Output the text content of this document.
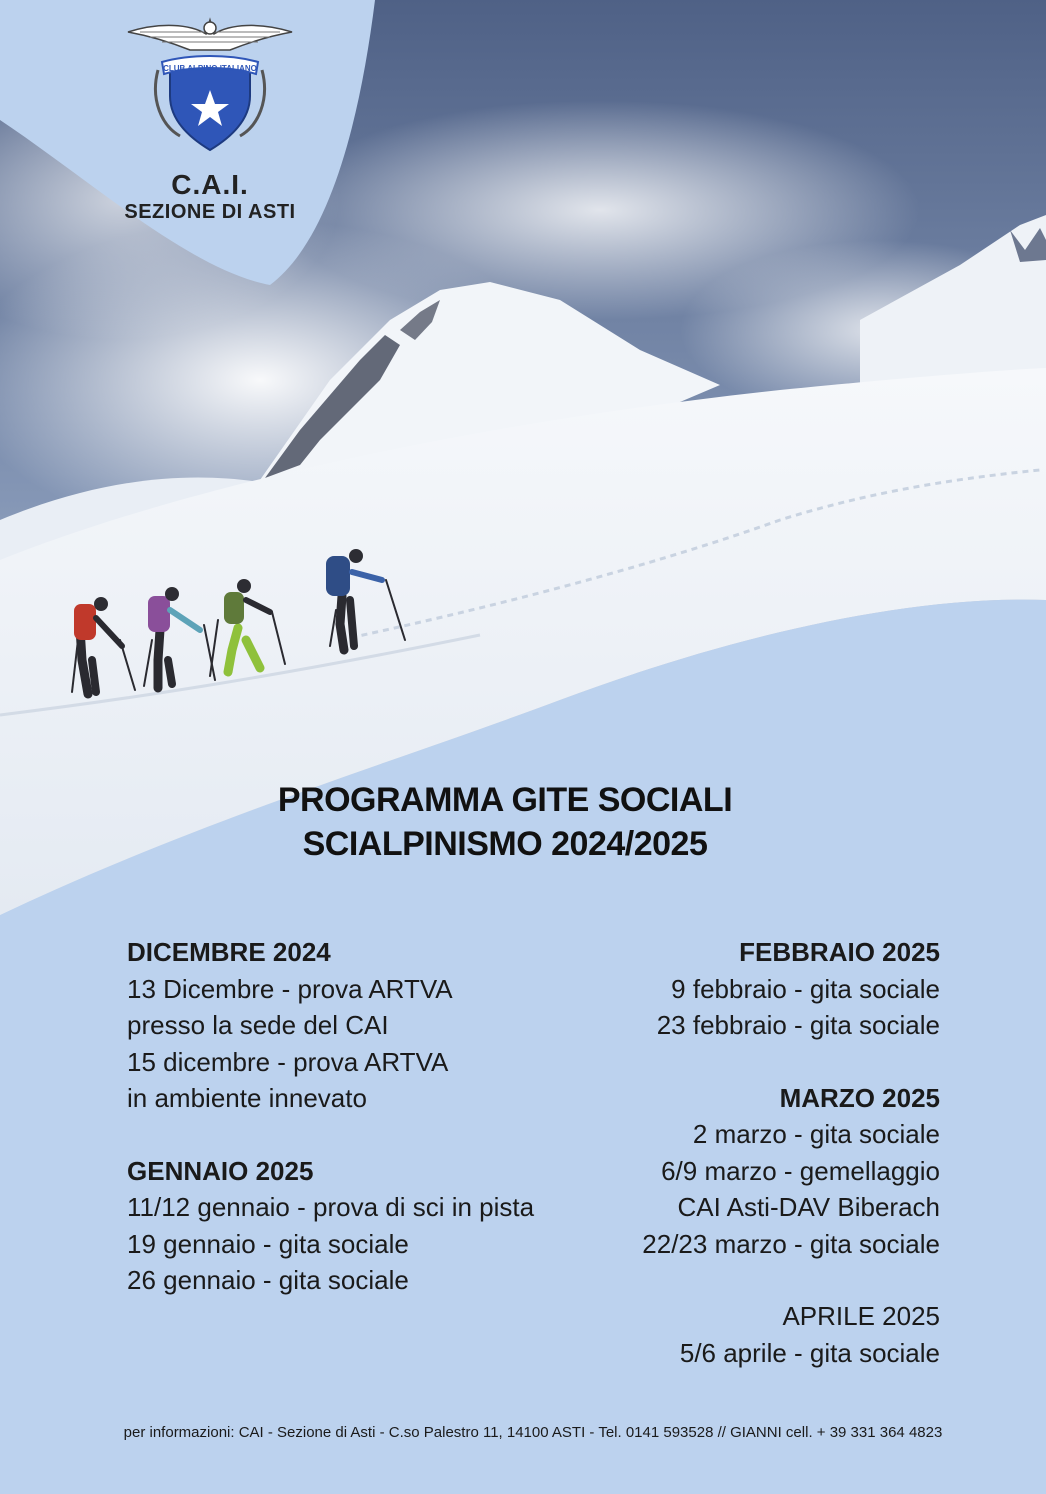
CLUB ALPINO ITALIANO
C.A.I.
SEZIONE DI ASTI
PROGRAMMA GITE SOCIALI
SCIALPINISMO 2024/2025
DICEMBRE 2024
13 Dicembre - prova ARTVA
presso la sede del CAI
15 dicembre - prova ARTVA
in ambiente innevato
GENNAIO 2025
11/12 gennaio - prova di sci in pista
19 gennaio - gita sociale
26 gennaio - gita sociale
FEBBRAIO 2025
9 febbraio - gita sociale
23 febbraio - gita sociale
MARZO 2025
2 marzo - gita sociale
6/9 marzo - gemellaggio
CAI Asti-DAV Biberach
22/23 marzo - gita sociale
APRILE 2025
5/6 aprile - gita sociale
per informazioni: CAI - Sezione di Asti - C.so Palestro 11, 14100 ASTI - Tel. 0141 593528 // GIANNI cell. + 39 331 364 4823
